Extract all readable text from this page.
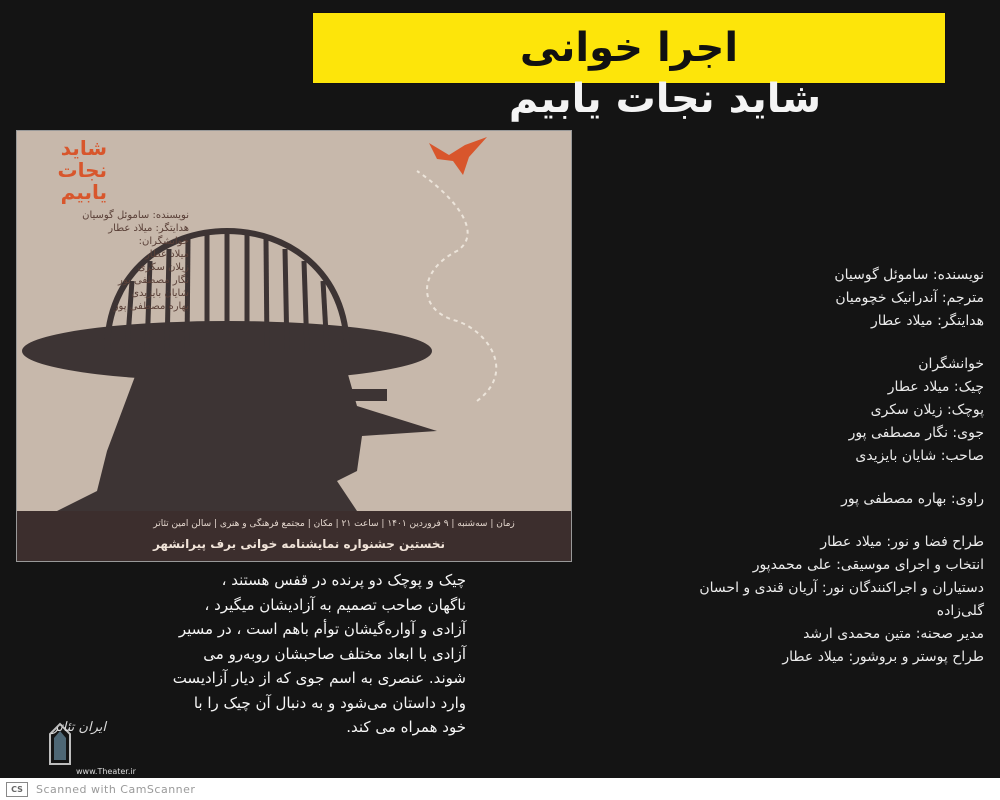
اجرا خوانی
شاید نجات یابیم
شاید
نجات
یابیم
نویسنده: ساموئل گوسیان
هدایتگر: میلاد عطار
خوانشگران:
میلاد عطار
زیلان سکری
نگار مصطفی پور
شایان بایزیدی
بهاره مصطفی پور
زمان | سه‌شنبه | ۹ فروردین ۱۴۰۱ | ساعت ۲۱ | مکان | مجتمع فرهنگی و هنری | سالن امین تئاتر
نخستین جشنواره نمایشنامه خوانی برف پیرانشهر
نویسنده: ساموئل گوسیان
مترجم: آندرانیک خچومیان
هدایتگر: میلاد عطار
خوانشگران
چیک: میلاد عطار
پوچک: زیلان سکری
جوی: نگار مصطفی پور
صاحب: شایان بایزیدی
راوی: بهاره مصطفی پور
طراح فضا و نور: میلاد عطار
انتخاب و اجرای موسیقی: علی محمدپور
دستیاران و اجراکنندگان نور: آریان قندی و احسان
گلی‌زاده
مدیر صحنه: متین محمدی ارشد
طراح پوستر و بروشور: میلاد عطار
چیک و پوچک دو پرنده در قفس هستند ،
ناگهان صاحب تصمیم به آزادیشان میگیرد ،
آزادی و آواره‌گیشان توأم باهم است ، در مسیر
آزادی با ابعاد مختلف صاحبشان روبه‌رو می
شوند. عنصری به اسم جوی که از دیار آزادیست
وارد داستان می‌شود و به دنبال آن چیک را با
خود همراه می کند.
ایران تئاتر
www.Theater.ir
CS	Scanned with CamScanner
